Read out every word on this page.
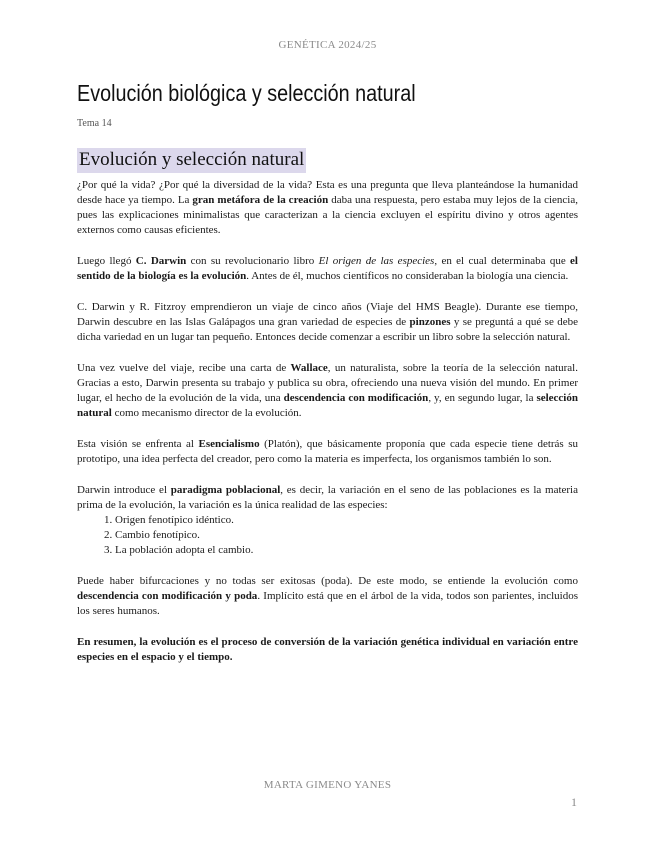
GENÉTICA 2024/25
Evolución biológica y selección natural
Tema 14
Evolución y selección natural

¿Por qué la vida? ¿Por qué la diversidad de la vida? Esta es una pregunta que lleva planteándose la humanidad desde hace ya tiempo. La gran metáfora de la creación daba una respuesta, pero estaba muy lejos de la ciencia, pues las explicaciones minimalistas que caracterizan a la ciencia excluyen el espíritu divino y otros agentes externos como causas eficientes.

Luego llegó C. Darwin con su revolucionario libro El origen de las especies, en el cual determinaba que el sentido de la biología es la evolución. Antes de él, muchos científicos no consideraban la biología una ciencia.

C. Darwin y R. Fitzroy emprendieron un viaje de cinco años (Viaje del HMS Beagle). Durante ese tiempo, Darwin descubre en las Islas Galápagos una gran variedad de especies de pinzones y se preguntá a qué se debe dicha variedad en un lugar tan pequeño. Entonces decide comenzar a escribir un libro sobre la selección natural.

Una vez vuelve del viaje, recibe una carta de Wallace, un naturalista, sobre la teoría de la selección natural. Gracias a esto, Darwin presenta su trabajo y publica su obra, ofreciendo una nueva visión del mundo. En primer lugar, el hecho de la evolución de la vida, una descendencia con modificación, y, en segundo lugar, la selección natural como mecanismo director de la evolución.

Esta visión se enfrenta al Esencialismo (Platón), que básicamente proponía que cada especie tiene detrás su prototipo, una idea perfecta del creador, pero como la materia es imperfecta, los organismos también lo son.

Darwin introduce el paradigma poblacional, es decir, la variación en el seno de las poblaciones es la materia prima de la evolución, la variación es la única realidad de las especies:

1. Origen fenotípico idéntico.
2. Cambio fenotípico.
3. La población adopta el cambio.

Puede haber bifurcaciones y no todas ser exitosas (poda). De este modo, se entiende la evolución como descendencia con modificación y poda. Implícito está que en el árbol de la vida, todos son parientes, incluidos los seres humanos.

En resumen, la evolución es el proceso de conversión de la variación genética individual en variación entre especies en el espacio y el tiempo.

MARTA GIMENO YANES
1
